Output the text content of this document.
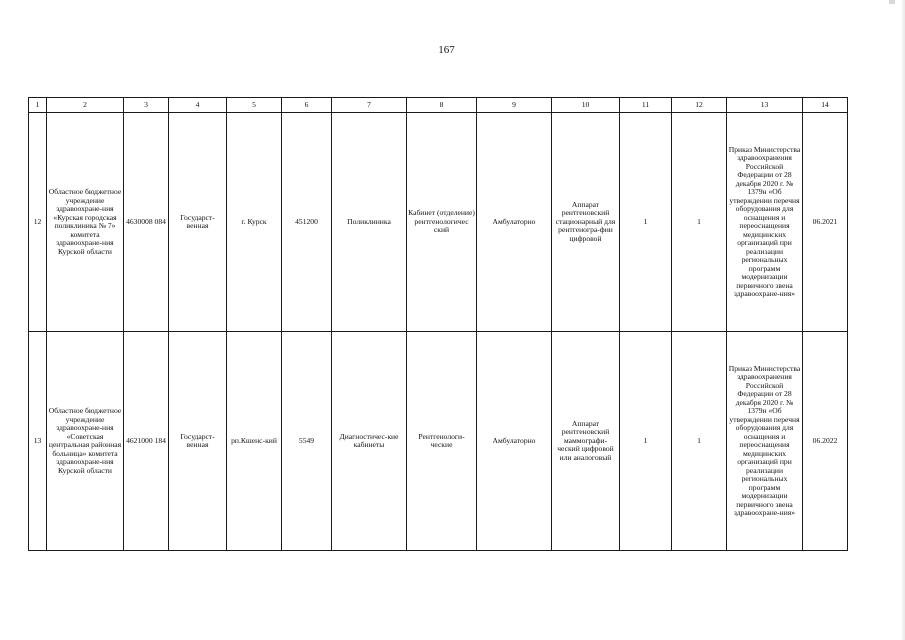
167
1	2	3	4	5	6	7	8	9	10	11	12	13	14
12	Областное бюджетное учреждение здравоохране-ния «Курская городская поликлиника № 7» комитета здравоохране-ния Курской области	4630008 084	Государст-венная	г. Курск	451200	Поликлиника	Кабинет (отделение) рентгенологичес ский	Амбулаторно	Аппарат рентгеновский стационарный для рентгеногра-фии цифровой	1	1	Приказ Министерства здравоохранения Российской Федерации от 28 декабря 2020 г. № 1379н «Об утверждении перечня оборудования для оснащения и переоснащения медицинских организаций при реализации региональных программ модернизации первичного звена здравоохране-ния»	06.2021
13	Областное бюджетное учреждение здравоохране-ния «Советская центральная районная больница» комитета здравоохране-ния Курской области	4621000 184	Государст-венная	рп.Кшенс-кий	5549	Диагностичес-кие кабинеты	Рентгенологи-ческие	Амбулаторно	Аппарат рентгеновский маммографи-ческий цифровой или аналоговый	1	1	Приказ Министерства здравоохранения Российской Федерации от 28 декабря 2020 г. № 1379н «Об утверждении перечня оборудования для оснащения и переоснащения медицинских организаций при реализации региональных программ модернизации первичного звена здравоохране-ния»	06.2022
